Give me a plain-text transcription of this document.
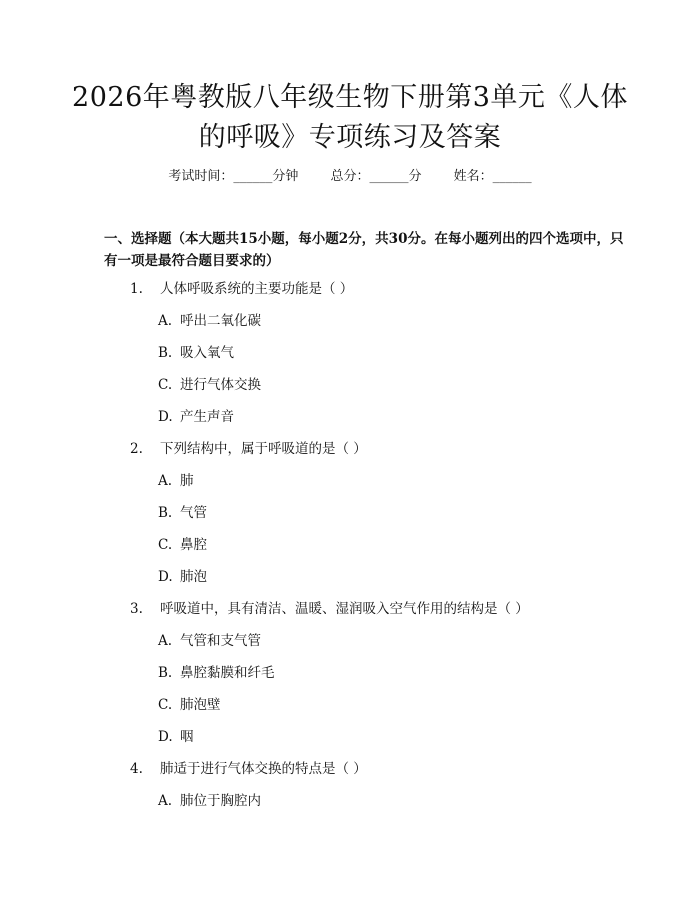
2026年粤教版八年级生物下册第3单元《人体的呼吸》专项练习及答案
考试时间：______分钟 总分：______分 姓名：______
一、选择题（本大题共15小题，每小题2分，共30分。在每小题列出的四个选项中，只有一项是最符合题目要求的）
1. 人体呼吸系统的主要功能是（ ）
A. 呼出二氧化碳
B. 吸入氧气
C. 进行气体交换
D. 产生声音
2. 下列结构中，属于呼吸道的是（ ）
A. 肺
B. 气管
C. 鼻腔
D. 肺泡
3. 呼吸道中，具有清洁、温暖、湿润吸入空气作用的结构是（ ）
A. 气管和支气管
B. 鼻腔黏膜和纤毛
C. 肺泡壁
D. 咽
4. 肺适于进行气体交换的特点是（ ）
A. 肺位于胸腔内
